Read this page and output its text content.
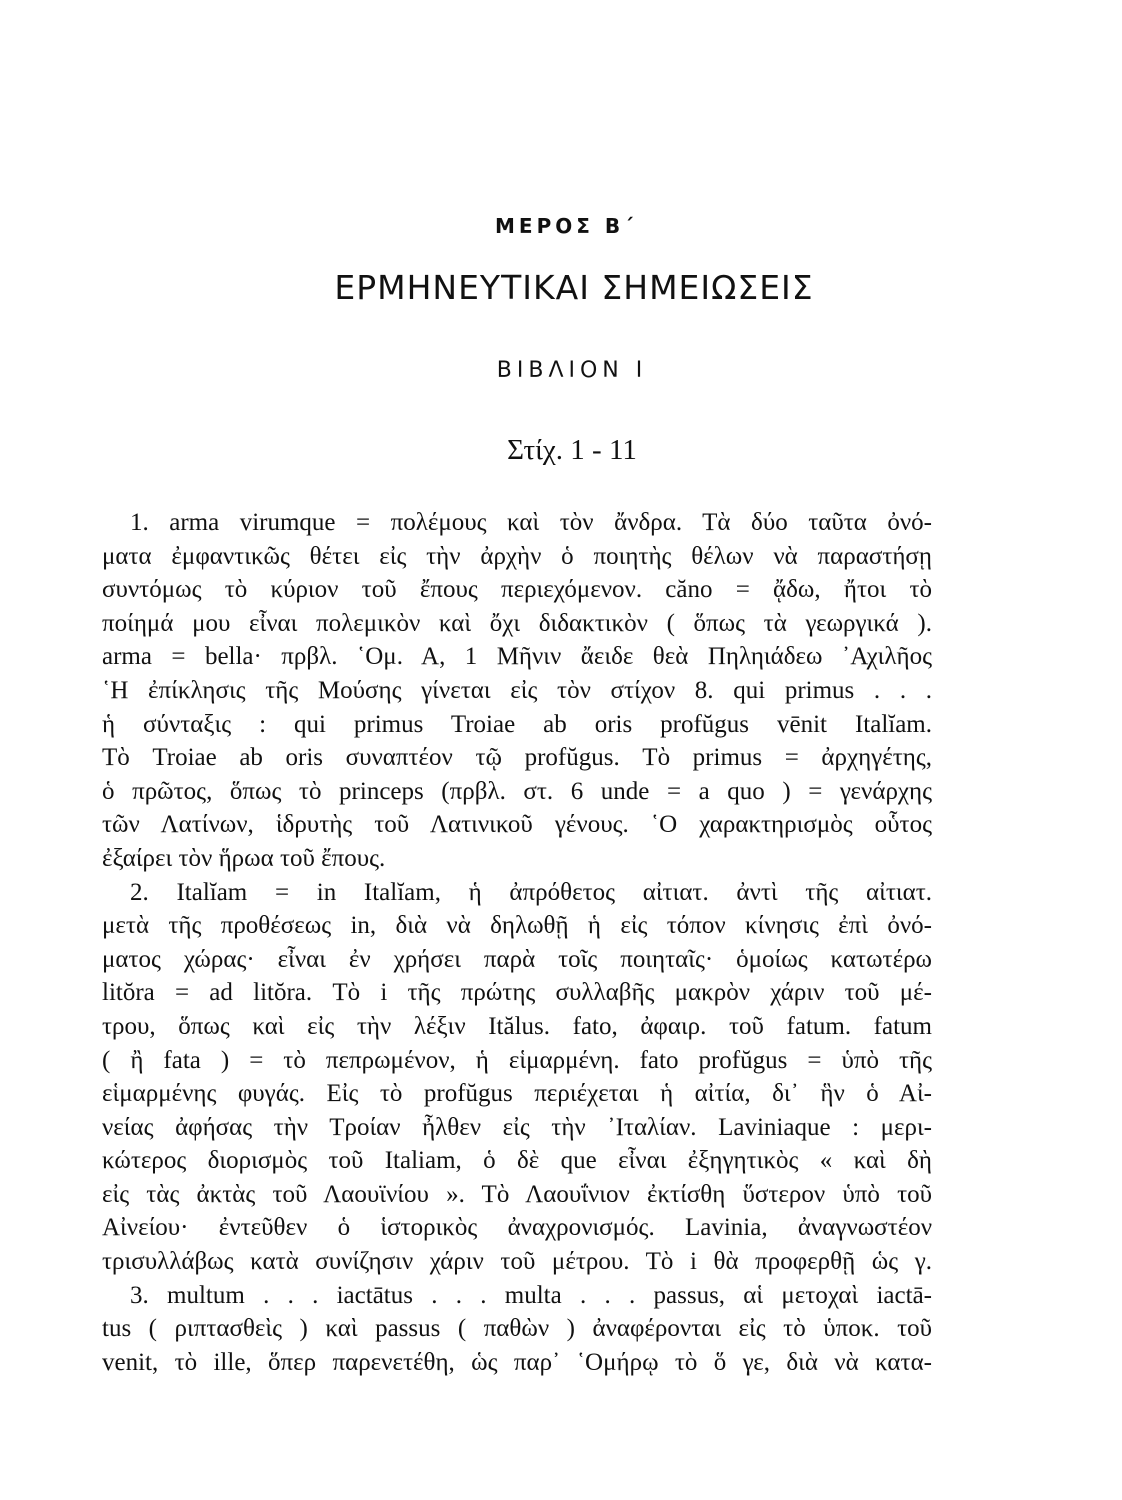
ΜΕΡΟΣ Β΄
ΕΡΜΗΝΕΥΤΙΚΑΙ ΣΗΜΕΙΩΣΕΙΣ
ΒΙΒΛΙΟΝ Ι
Στίχ. 1 - 11
1. arma virumque = πολέμους καὶ τὸν ἄνδρα. Τὰ δύο ταῦτα ὀνό-
ματα ἐμφαντικῶς θέτει εἰς τὴν ἀρχὴν ὁ ποιητὴς θέλων νὰ παραστήσῃ
συντόμως τὸ κύριον τοῦ ἔπους περιεχόμενον. căno = ᾄδω, ἤτοι τὸ
ποίημά μου εἶναι πολεμικὸν καὶ ὄχι διδακτικὸν ( ὅπως τὰ γεωργικά ).
arma = bella· πρβλ. ῾Ομ. Α, 1 Μῆνιν ἄειδε θεὰ Πηληιάδεω ᾿Αχιλῆος
῾Η ἐπίκλησις τῆς Μούσης γίνεται εἰς τὸν στίχον 8. qui primus . . .
ἡ σύνταξις : qui primus Troiae ab oris profŭgus vēnit Italĭam.
Τὸ Troiae ab oris συναπτέον τῷ profŭgus. Τὸ primus = ἀρχηγέτης,
ὁ πρῶτος, ὅπως τὸ princeps (πρβλ. στ. 6 unde = a quo ) = γενάρχης
τῶν Λατίνων, ἱδρυτὴς τοῦ Λατινικοῦ γένους. ῾Ο χαρακτηρισμὸς οὗτος
ἐξαίρει τὸν ἥρωα τοῦ ἔπους.
2. Italĭam = in Italĭam, ἡ ἀπρόθετος αἰτιατ. ἀντὶ τῆς αἰτιατ.
μετὰ τῆς προθέσεως in, διὰ νὰ δηλωθῇ ἡ εἰς τόπον κίνησις ἐπὶ ὀνό-
ματος χώρας· εἶναι ἐν χρήσει παρὰ τοῖς ποιηταῖς· ὁμοίως κατωτέρω
litŏra = ad litŏra. Τὸ i τῆς πρώτης συλλαβῆς μακρὸν χάριν τοῦ μέ-
τρου, ὅπως καὶ εἰς τὴν λέξιν Itălus. fato, ἀφαιρ. τοῦ fatum. fatum
( ἢ fata ) = τὸ πεπρωμένον, ἡ εἱμαρμένη. fato profŭgus = ὑπὸ τῆς
εἱμαρμένης φυγάς. Εἰς τὸ profŭgus περιέχεται ἡ αἰτία, δι᾿ ἣν ὁ Αἰ-
νείας ἀφήσας τὴν Τροίαν ἦλθεν εἰς τὴν ᾿Ιταλίαν. Laviniaque : μερι-
κώτερος διορισμὸς τοῦ Italiam, ὁ δὲ que εἶναι ἐξηγητικὸς « καὶ δὴ
εἰς τὰς ἀκτὰς τοῦ Λαουϊνίου ». Τὸ Λαουΐνιον ἐκτίσθη ὕστερον ὑπὸ τοῦ
Αἰνείου· ἐντεῦθεν ὁ ἱστορικὸς ἀναχρονισμός. Lavinia, ἀναγνωστέον
τρισυλλάβως κατὰ συνίζησιν χάριν τοῦ μέτρου. Τὸ i θὰ προφερθῇ ὡς γ.
3. multum . . . iactātus . . . multa . . . passus, αἱ μετοχαὶ iactā-
tus ( ριπτασθεὶς ) καὶ passus ( παθὼν ) ἀναφέρονται εἰς τὸ ὑποκ. τοῦ
venit, τὸ ille, ὅπερ παρενετέθη, ὡς παρ᾿ ῾Ομήρῳ τὸ ὅ γε, διὰ νὰ κατα-
